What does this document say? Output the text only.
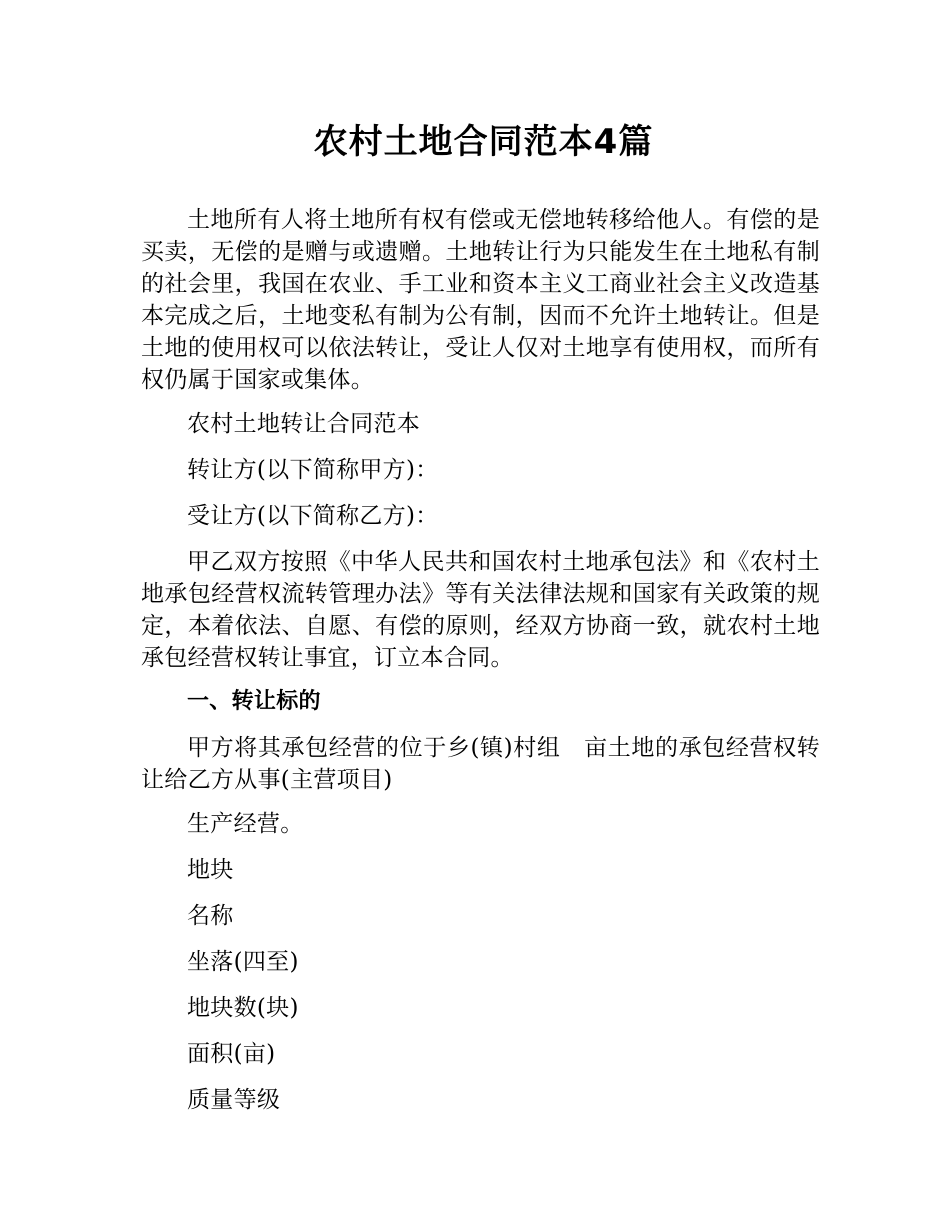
农村土地合同范本4篇

土地所有人将土地所有权有偿或无偿地转移给他人。有偿的是买卖，无偿的是赠与或遗赠。土地转让行为只能发生在土地私有制的社会里，我国在农业、手工业和资本主义工商业社会主义改造基本完成之后，土地变私有制为公有制，因而不允许土地转让。但是土地的使用权可以依法转让，受让人仅对土地享有使用权，而所有权仍属于国家或集体。

农村土地转让合同范本

转让方(以下简称甲方)：

受让方(以下简称乙方)：

甲乙双方按照《中华人民共和国农村土地承包法》和《农村土地承包经营权流转管理办法》等有关法律法规和国家有关政策的规定，本着依法、自愿、有偿的原则，经双方协商一致，就农村土地承包经营权转让事宜，订立本合同。

一、转让标的

甲方将其承包经营的位于乡(镇)村组　亩土地的承包经营权转让给乙方从事(主营项目)

生产经营。

地块

名称

坐落(四至)

地块数(块)

面积(亩)

质量等级
